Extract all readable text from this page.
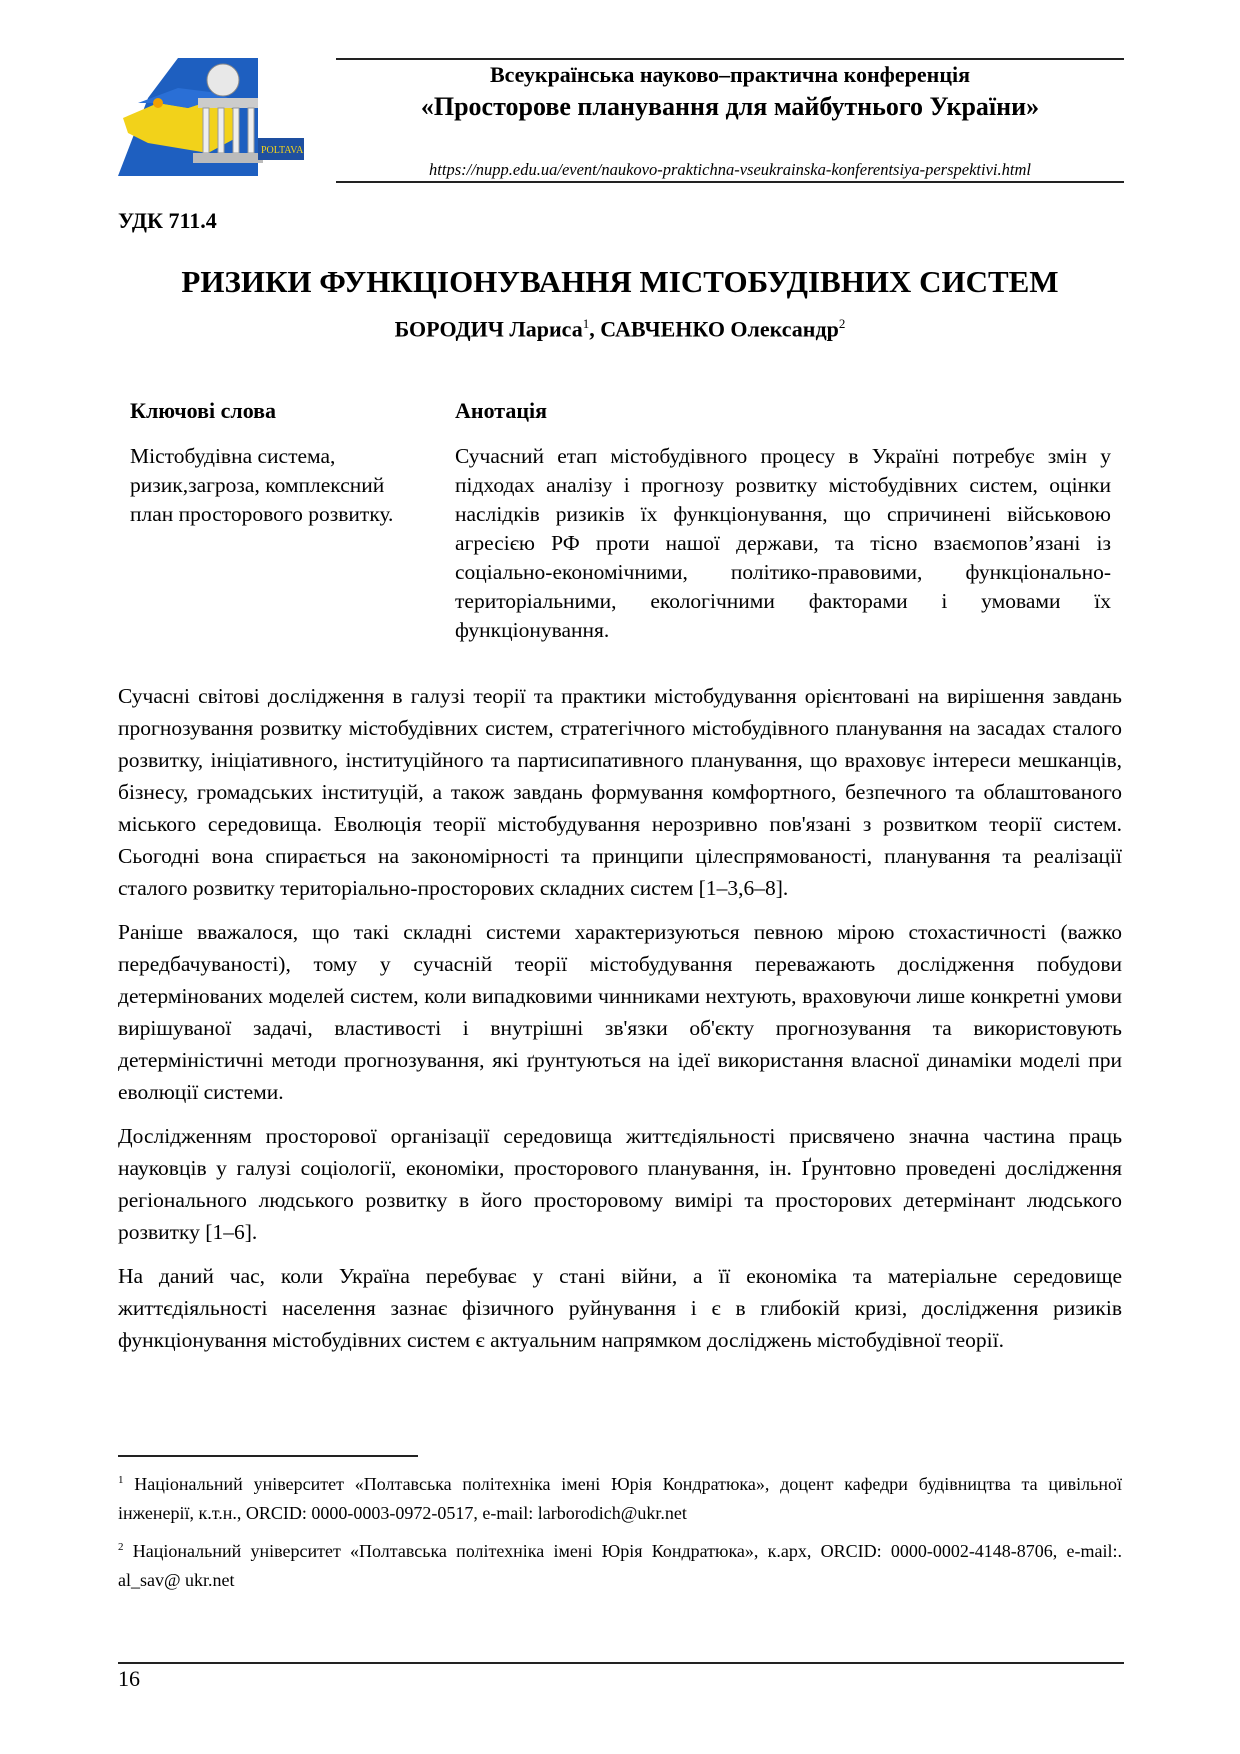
POLTAVA
Всеукраїнська науково–практична конференція
«Просторове планування для майбутнього України»
https://nupp.edu.ua/event/naukovo-praktichna-vseukrainska-konferentsiya-perspektivi.html
УДК 711.4
РИЗИКИ ФУНКЦІОНУВАННЯ МІСТОБУДІВНИХ СИСТЕМ
БОРОДИЧ Лариса$^1$, САВЧЕНКО Олександр$^2$
Ключові слова
Містобудівна система, ризик,загроза, комплексний план просторового розвитку.
Анотація
Сучасний етап містобудівного процесу в Україні потребує змін у підходах аналізу і прогнозу розвитку містобудівних систем, оцінки наслідків ризиків їх функціонування, що спричинені військовою агресією РФ проти нашої держави, та тісно взаємопов’язані із соціально-економічними, політико-правовими, функціонально-територіальними, екологічними факторами і умовами їх функціонування.

Сучасні світові дослідження в галузі теорії та практики містобудування орієнтовані на вирішення завдань прогнозування розвитку містобудівних систем, стратегічного містобудівного планування на засадах сталого розвитку, ініціативного, інституційного та партисипативного планування, що враховує інтереси мешканців, бізнесу, громадських інституцій, а також завдань формування комфортного, безпечного та облаштованого міського середовища. Еволюція теорії містобудування нерозривно пов'язані з розвитком теорії систем. Сьогодні вона спирається на закономірності та принципи цілеспрямованості, планування та реалізації сталого розвитку територіально-просторових складних систем [1–3,6–8].

Раніше вважалося, що такі складні системи характеризуються певною мірою стохастичності (важко передбачуваності), тому у сучасній теорії містобудування переважають дослідження побудови детермінованих моделей систем, коли випадковими чинниками нехтують, враховуючи лише конкретні умови вирішуваної задачі, властивості і внутрішні зв'язки об'єкту прогнозування та використовують детерміністичні методи прогнозування, які ґрунтуються на ідеї використання власної динаміки моделі при еволюції системи.

Дослідженням просторової організації середовища життєдіяльності присвячено значна частина праць науковців у галузі соціології, економіки, просторового планування, ін. Ґрунтовно проведені дослідження регіонального людського розвитку в його просторовому вимірі та просторових детермінант людського розвитку [1–6].

На даний час, коли Україна перебуває у стані війни, а її економіка та матеріальне середовище життєдіяльності населення зазнає фізичного руйнування і є в глибокій кризі, дослідження ризиків функціонування містобудівних систем є актуальним напрямком досліджень містобудівної теорії.

$^1$ Національний університет «Полтавська політехніка імені Юрія Кондратюка», доцент кафедри будівництва та цивільної інженерії, к.т.н., ORCID: 0000-0003-0972-0517, e-mail: larborodich@ukr.net
$^2$ Національний університет «Полтавська політехніка імені Юрія Кондратюка», к.арх, ORCID: 0000-0002-4148-8706, e-mail:. al_sav@ ukr.net
16
